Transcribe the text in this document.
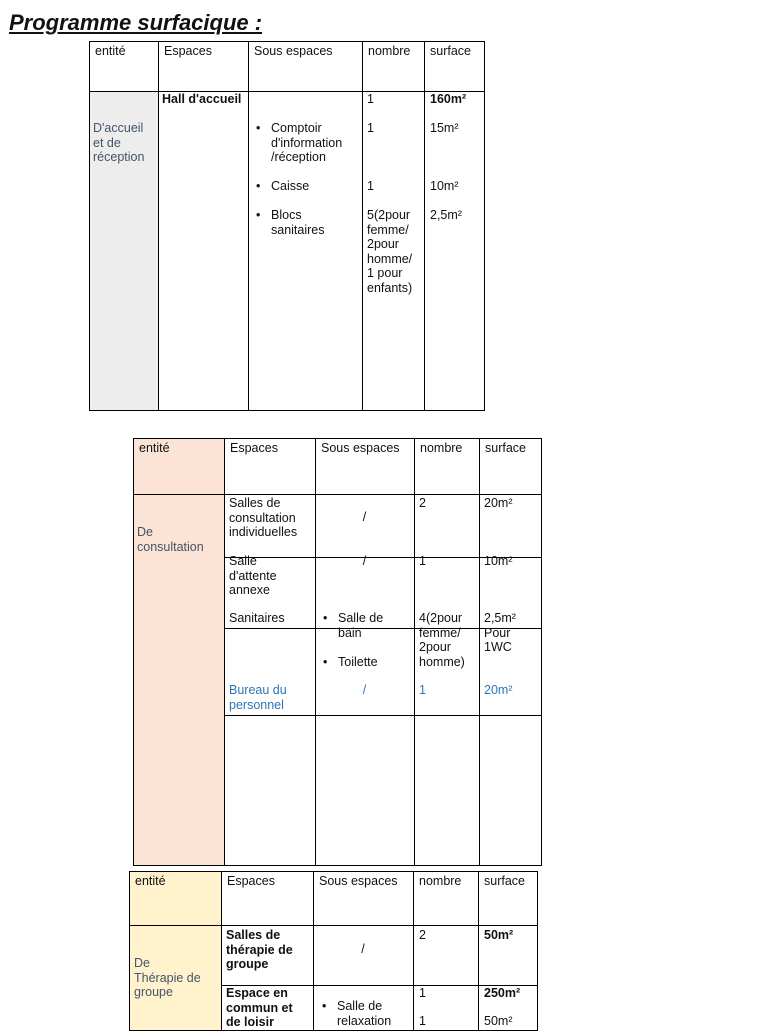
Programme surfacique :
entité	Espaces	Sous espaces	nombre	surface
D'accueil
et de
réception
Hall d'accueil	1	160m²
• Comptoir
d'information
/réception
1	15m²
• Caisse	1	10m²
• Blocs
sanitaires
5(2pour
femme/
2pour
homme/
1 pour
enfants)
2,5m²
entité	Espaces	Sous espaces	nombre	surface
De
consultation
Salles de
consultation
individuelles
/
2	20m²
Salle
d'attente
annexe
/	1	10m²
Sanitaires
•	Salle de
bain
• Toilette
4(2pour
femme/
2pour
homme)
2,5m²
Pour
1WC
Bureau du
personnel
/	1	20m²
entité	Espaces	Sous espaces	nombre	surface
De
Thérapie de
groupe
Salles de
thérapie de
groupe
/
2	50m²
Espace en
commun et
de loisir
• Salle de
relaxation
1
1
250m²
50m²
